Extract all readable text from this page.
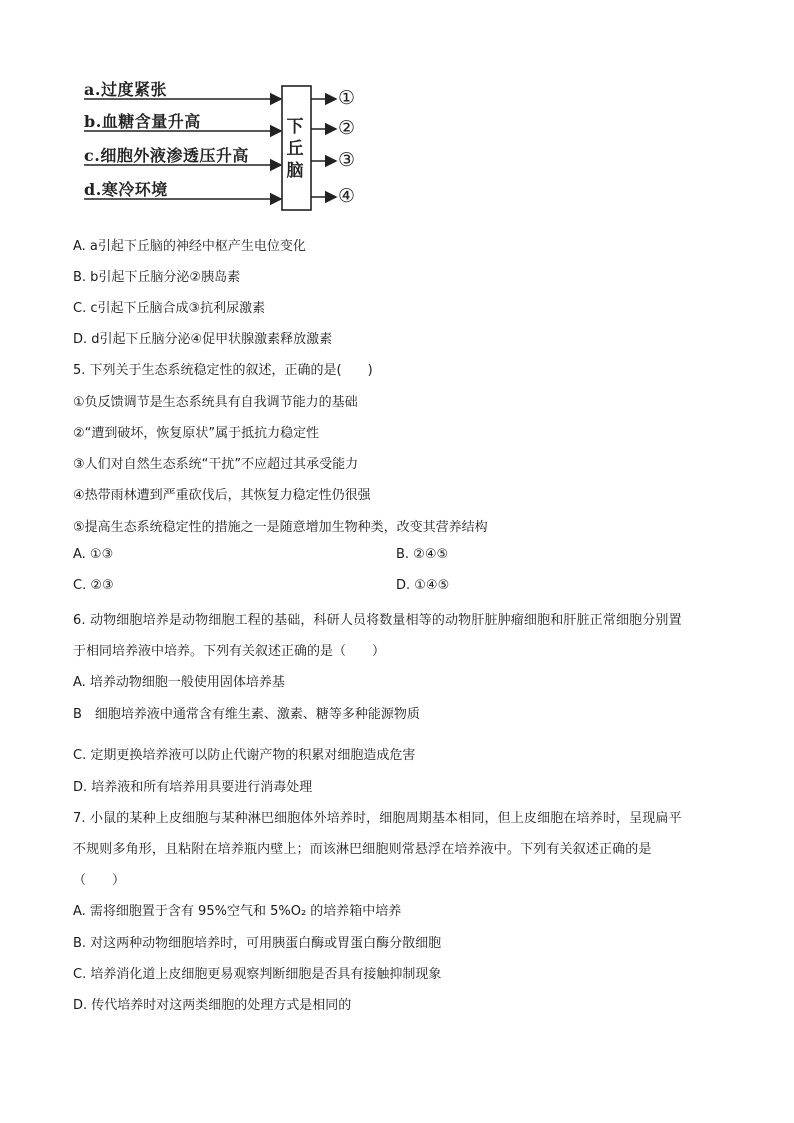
a.过度紧张
b.血糖含量升高
c.细胞外液渗透压升高
d.寒冷环境
下
丘
脑
①
②
③
④
A. a引起下丘脑的神经中枢产生电位变化
B. b引起下丘脑分泌②胰岛素
C. c引起下丘脑合成③抗利尿激素
D. d引起下丘脑分泌④促甲状腺激素释放激素
5. 下列关于生态系统稳定性的叙述，正确的是(　　)
①负反馈调节是生态系统具有自我调节能力的基础
②“遭到破坏，恢复原状”属于抵抗力稳定性
③人们对自然生态系统“干扰”不应超过其承受能力
④热带雨林遭到严重砍伐后，其恢复力稳定性仍很强
⑤提高生态系统稳定性的措施之一是随意增加生物种类，改变其营养结构
A. ①③	B. ②④⑤
C. ②③	D. ①④⑤
6. 动物细胞培养是动物细胞工程的基础，科研人员将数量相等的动物肝脏肿瘤细胞和肝脏正常细胞分别置
于相同培养液中培养。下列有关叙述正确的是（　　）
A. 培养动物细胞一般使用固体培养基
B　细胞培养液中通常含有维生素、激素、糖等多种能源物质
C. 定期更换培养液可以防止代谢产物的积累对细胞造成危害
D. 培养液和所有培养用具要进行消毒处理
7. 小鼠的某种上皮细胞与某种淋巴细胞体外培养时，细胞周期基本相同，但上皮细胞在培养时，呈现扁平
不规则多角形，且粘附在培养瓶内壁上；而该淋巴细胞则常悬浮在培养液中。下列有关叙述正确的是
（　　）
A. 需将细胞置于含有 95%空气和 5%O₂ 的培养箱中培养
B. 对这两种动物细胞培养时，可用胰蛋白酶或胃蛋白酶分散细胞
C. 培养消化道上皮细胞更易观察判断细胞是否具有接触抑制现象
D. 传代培养时对这两类细胞的处理方式是相同的
